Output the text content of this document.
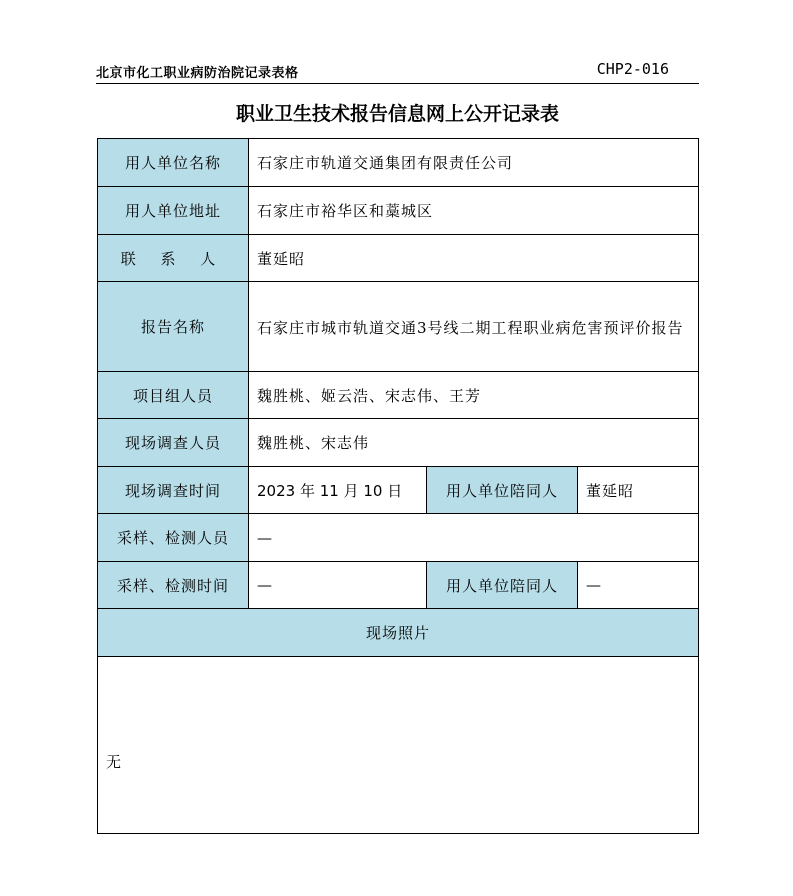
北京市化工职业病防治院记录表格	CHP2-016
职业卫生技术报告信息网上公开记录表
用人单位名称	石家庄市轨道交通集团有限责任公司		
用人单位地址	石家庄市裕华区和藁城区		
联 系 人	董延昭		
报告名称	石家庄市城市轨道交通3号线二期工程职业病危害预评价报告		
项目组人员	魏胜桃、姬云浩、宋志伟、王芳		
现场调查人员	魏胜桃、宋志伟		
现场调查时间	2023 年 11 月 10 日	用人单位陪同人	董延昭
采样、检测人员	—		
采样、检测时间	—	用人单位陪同人	—
现场照片			
无			
